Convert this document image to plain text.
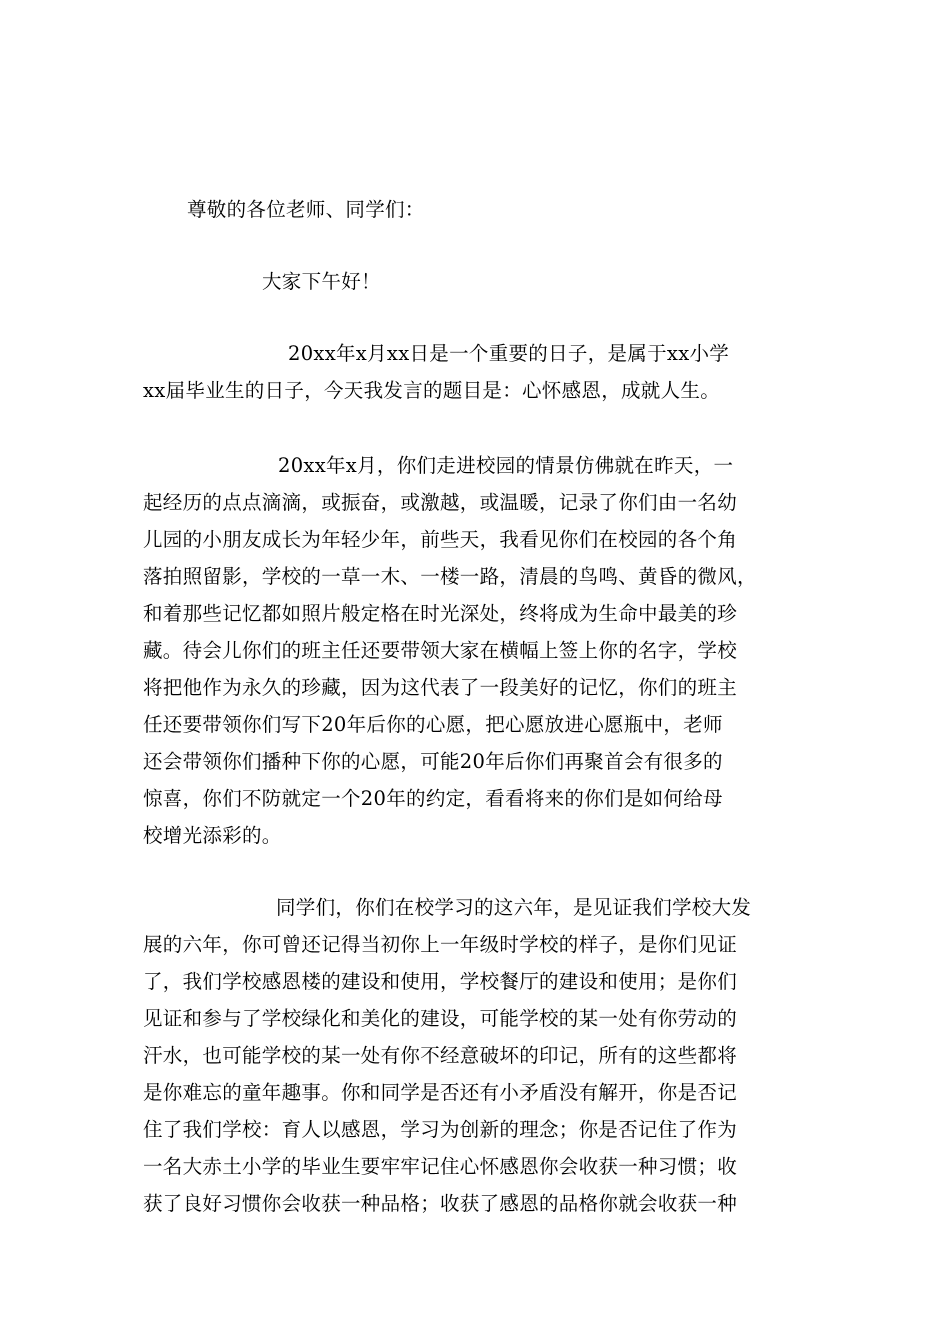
尊敬的各位老师、同学们：
大家下午好！
20xx年x月xx日是一个重要的日子，是属于xx小学
xx届毕业生的日子，今天我发言的题目是：心怀感恩，成就人生。
20xx年x月，你们走进校园的情景仿佛就在昨天，一
起经历的点点滴滴，或振奋，或激越，或温暖，记录了你们由一名幼
儿园的小朋友成长为年轻少年，前些天，我看见你们在校园的各个角
落拍照留影，学校的一草一木、一楼一路，清晨的鸟鸣、黄昏的微风，
和着那些记忆都如照片般定格在时光深处，终将成为生命中最美的珍
藏。待会儿你们的班主任还要带领大家在横幅上签上你的名字，学校
将把他作为永久的珍藏，因为这代表了一段美好的记忆，你们的班主
任还要带领你们写下20年后你的心愿，把心愿放进心愿瓶中，老师
还会带领你们播种下你的心愿，可能20年后你们再聚首会有很多的
惊喜，你们不防就定一个20年的约定，看看将来的你们是如何给母
校增光添彩的。
同学们，你们在校学习的这六年，是见证我们学校大发
展的六年，你可曾还记得当初你上一年级时学校的样子，是你们见证
了，我们学校感恩楼的建设和使用，学校餐厅的建设和使用；是你们
见证和参与了学校绿化和美化的建设，可能学校的某一处有你劳动的
汗水，也可能学校的某一处有你不经意破坏的印记，所有的这些都将
是你难忘的童年趣事。你和同学是否还有小矛盾没有解开，你是否记
住了我们学校：育人以感恩，学习为创新的理念；你是否记住了作为
一名大赤土小学的毕业生要牢牢记住心怀感恩你会收获一种习惯；收
获了良好习惯你会收获一种品格；收获了感恩的品格你就会收获一种
